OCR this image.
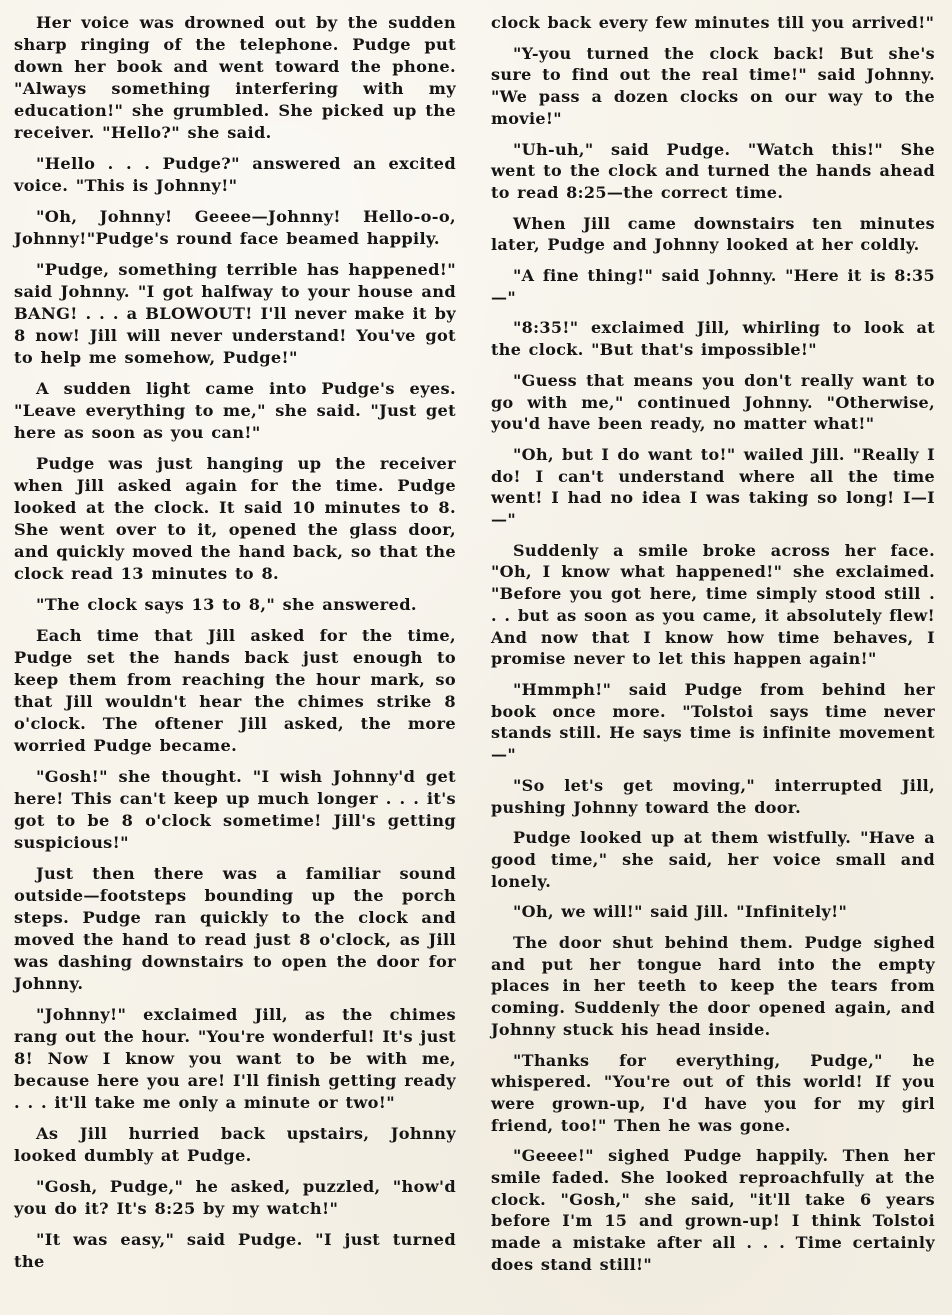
Her voice was drowned out by the sudden sharp ringing of the telephone. Pudge put down her book and went toward the phone. "Always something interfering with my education!" she grumbled. She picked up the receiver. "Hello?" she said.

"Hello . . . Pudge?" answered an excited voice. "This is Johnny!"

"Oh, Johnny! Geeee—Johnny! Hello-o-o, Johnny!"Pudge's round face beamed happily.

"Pudge, something terrible has happened!" said Johnny. "I got halfway to your house and BANG! . . . a BLOWOUT! I'll never make it by 8 now! Jill will never understand! You've got to help me somehow, Pudge!"

A sudden light came into Pudge's eyes. "Leave everything to me," she said. "Just get here as soon as you can!"

Pudge was just hanging up the receiver when Jill asked again for the time. Pudge looked at the clock. It said 10 minutes to 8. She went over to it, opened the glass door, and quickly moved the hand back, so that the clock read 13 minutes to 8.

"The clock says 13 to 8," she answered.

Each time that Jill asked for the time, Pudge set the hands back just enough to keep them from reaching the hour mark, so that Jill wouldn't hear the chimes strike 8 o'clock. The oftener Jill asked, the more worried Pudge became.

"Gosh!" she thought. "I wish Johnny'd get here! This can't keep up much longer . . . it's got to be 8 o'clock sometime! Jill's getting suspicious!"

Just then there was a familiar sound outside—footsteps bounding up the porch steps. Pudge ran quickly to the clock and moved the hand to read just 8 o'clock, as Jill was dashing downstairs to open the door for Johnny.

"Johnny!" exclaimed Jill, as the chimes rang out the hour. "You're wonderful! It's just 8! Now I know you want to be with me, because here you are! I'll finish getting ready . . . it'll take me only a minute or two!"

As Jill hurried back upstairs, Johnny looked dumbly at Pudge.

"Gosh, Pudge," he asked, puzzled, "how'd you do it? It's 8:25 by my watch!"

"It was easy," said Pudge. "I just turned the

clock back every few minutes till you arrived!"

"Y-you turned the clock back! But she's sure to find out the real time!" said Johnny. "We pass a dozen clocks on our way to the movie!"

"Uh-uh," said Pudge. "Watch this!" She went to the clock and turned the hands ahead to read 8:25—the correct time.

When Jill came downstairs ten minutes later, Pudge and Johnny looked at her coldly.

"A fine thing!" said Johnny. "Here it is 8:35—"

"8:35!" exclaimed Jill, whirling to look at the clock. "But that's impossible!"

"Guess that means you don't really want to go with me," continued Johnny. "Otherwise, you'd have been ready, no matter what!"

"Oh, but I do want to!" wailed Jill. "Really I do! I can't understand where all the time went! I had no idea I was taking so long! I—I—"

Suddenly a smile broke across her face. "Oh, I know what happened!" she exclaimed. "Before you got here, time simply stood still . . . but as soon as you came, it absolutely flew! And now that I know how time behaves, I promise never to let this happen again!"

"Hmmph!" said Pudge from behind her book once more. "Tolstoi says time never stands still. He says time is infinite movement—"

"So let's get moving," interrupted Jill, pushing Johnny toward the door.

Pudge looked up at them wistfully. "Have a good time," she said, her voice small and lonely.

"Oh, we will!" said Jill. "Infinitely!"

The door shut behind them. Pudge sighed and put her tongue hard into the empty places in her teeth to keep the tears from coming. Suddenly the door opened again, and Johnny stuck his head inside.

"Thanks for everything, Pudge," he whispered. "You're out of this world! If you were grown-up, I'd have you for my girl friend, too!" Then he was gone.

"Geeee!" sighed Pudge happily. Then her smile faded. She looked reproachfully at the clock. "Gosh," she said, "it'll take 6 years before I'm 15 and grown-up! I think Tolstoi made a mistake after all . . . Time certainly does stand still!"
